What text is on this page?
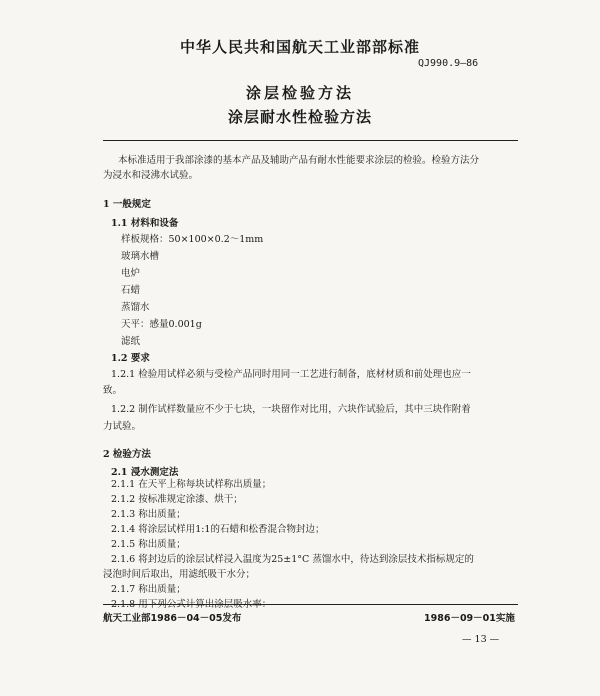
中华人民共和国航天工业部部标准
QJ990.9—86
涂层检验方法
涂层耐水性检验方法
本标准适用于我部涂漆的基本产品及辅助产品有耐水性能要求涂层的检验。检验方法分
为浸水和浸沸水试验。
1 一般规定
1.1 材料和设备
样板规格：50×100×0.2～1mm
玻璃水槽
电炉
石蜡
蒸馏水
天平：感量0.001g
滤纸
1.2 要求
1.2.1 检验用试样必须与受检产品同时用同一工艺进行制备，底材材质和前处理也应一
致。
1.2.2 制作试样数量应不少于七块，一块留作对比用，六块作试验后，其中三块作附着
力试验。
2 检验方法
2.1 浸水测定法
2.1.1 在天平上称每块试样称出质量；
2.1.2 按标准规定涂漆、烘干；
2.1.3 称出质量；
2.1.4 将涂层试样用1:1的石蜡和松香混合物封边；
2.1.5 称出质量；
2.1.6 将封边后的涂层试样浸入温度为25±1°C 蒸馏水中，待达到涂层技术指标规定的
航天工业部1986－04－05发布	1986－09－01实施
— 13 —
浸泡时间后取出，用滤纸吸干水分；
2.1.7 称出质量；
2.1.8 用下列公式计算出涂层吸水率：
